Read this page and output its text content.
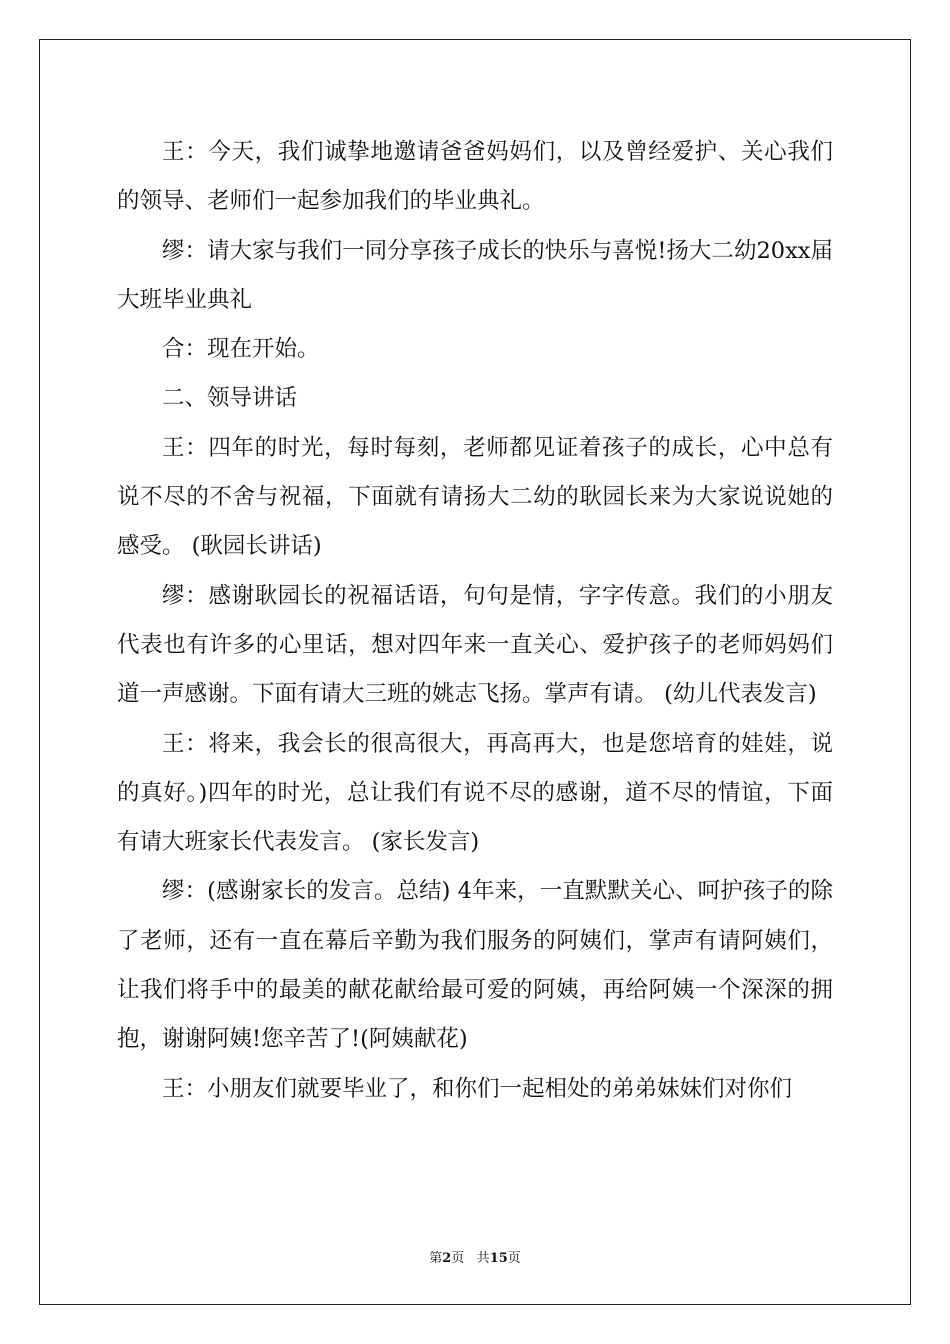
王：今天，我们诚挚地邀请爸爸妈妈们，以及曾经爱护、关心我们的领导、老师们一起参加我们的毕业典礼。

缪：请大家与我们一同分享孩子成长的快乐与喜悦!扬大二幼20xx届大班毕业典礼

合：现在开始。

二、领导讲话

王：四年的时光，每时每刻，老师都见证着孩子的成长，心中总有说不尽的不舍与祝福，下面就有请扬大二幼的耿园长来为大家说说她的感受。 (耿园长讲话)

缪：感谢耿园长的祝福话语，句句是情，字字传意。我们的小朋友代表也有许多的心里话，想对四年来一直关心、爱护孩子的老师妈妈们道一声感谢。下面有请大三班的姚志飞扬。掌声有请。 (幼儿代表发言)

王：将来，我会长的很高很大，再高再大，也是您培育的娃娃，说的真好。)四年的时光，总让我们有说不尽的感谢，道不尽的情谊，下面有请大班家长代表发言。 (家长发言)

缪：(感谢家长的发言。总结) 4年来，一直默默关心、呵护孩子的除了老师，还有一直在幕后辛勤为我们服务的阿姨们，掌声有请阿姨们，让我们将手中的最美的献花献给最可爱的阿姨，再给阿姨一个深深的拥抱，谢谢阿姨!您辛苦了!(阿姨献花)

王：小朋友们就要毕业了，和你们一起相处的弟弟妹妹们对你们

第2页 共15页
